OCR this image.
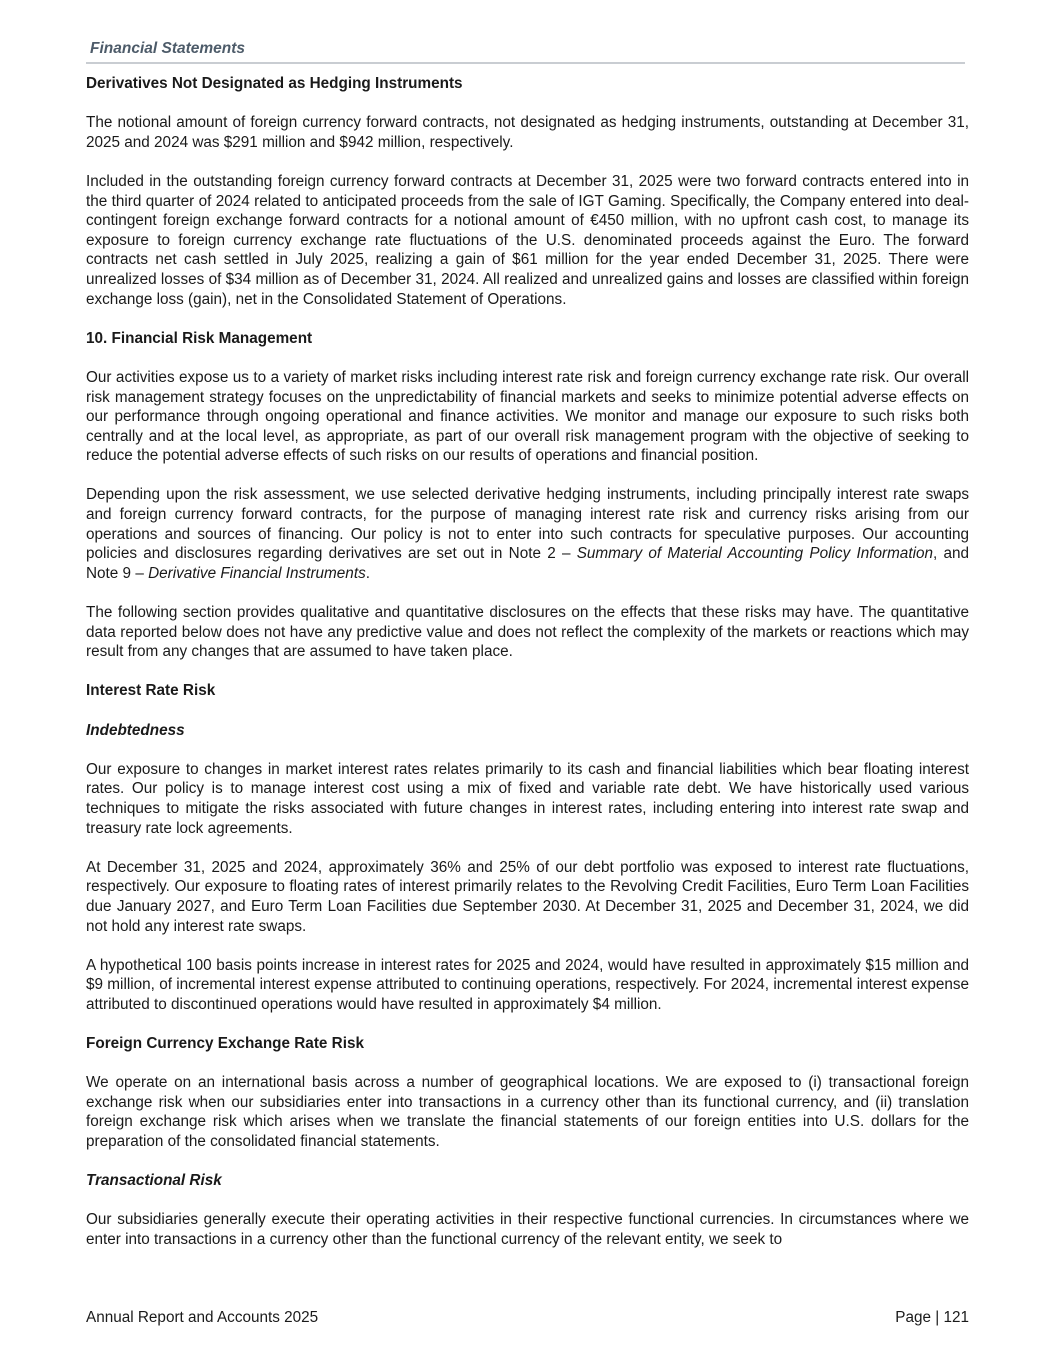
Financial Statements
Derivatives Not Designated as Hedging Instruments

The notional amount of foreign currency forward contracts, not designated as hedging instruments, outstanding at December 31, 2025 and 2024 was $291 million and $942 million, respectively.

Included in the outstanding foreign currency forward contracts at December 31, 2025 were two forward contracts entered into in the third quarter of 2024 related to anticipated proceeds from the sale of IGT Gaming. Specifically, the Company entered into deal-contingent foreign exchange forward contracts for a notional amount of €450 million, with no upfront cash cost, to manage its exposure to foreign currency exchange rate fluctuations of the U.S. denominated proceeds against the Euro. The forward contracts net cash settled in July 2025, realizing a gain of $61 million for the year ended December 31, 2025. There were unrealized losses of $34 million as of December 31, 2024. All realized and unrealized gains and losses are classified within foreign exchange loss (gain), net in the Consolidated Statement of Operations.

10. Financial Risk Management

Our activities expose us to a variety of market risks including interest rate risk and foreign currency exchange rate risk. Our overall risk management strategy focuses on the unpredictability of financial markets and seeks to minimize potential adverse effects on our performance through ongoing operational and finance activities. We monitor and manage our exposure to such risks both centrally and at the local level, as appropriate, as part of our overall risk management program with the objective of seeking to reduce the potential adverse effects of such risks on our results of operations and financial position.

Depending upon the risk assessment, we use selected derivative hedging instruments, including principally interest rate swaps and foreign currency forward contracts, for the purpose of managing interest rate risk and currency risks arising from our operations and sources of financing. Our policy is not to enter into such contracts for speculative purposes. Our accounting policies and disclosures regarding derivatives are set out in Note 2 – Summary of Material Accounting Policy Information, and Note 9 – Derivative Financial Instruments.

The following section provides qualitative and quantitative disclosures on the effects that these risks may have. The quantitative data reported below does not have any predictive value and does not reflect the complexity of the markets or reactions which may result from any changes that are assumed to have taken place.

Interest Rate Risk
Indebtedness

Our exposure to changes in market interest rates relates primarily to its cash and financial liabilities which bear floating interest rates. Our policy is to manage interest cost using a mix of fixed and variable rate debt. We have historically used various techniques to mitigate the risks associated with future changes in interest rates, including entering into interest rate swap and treasury rate lock agreements.

At December 31, 2025 and 2024, approximately 36% and 25% of our debt portfolio was exposed to interest rate fluctuations, respectively. Our exposure to floating rates of interest primarily relates to the Revolving Credit Facilities, Euro Term Loan Facilities due January 2027, and Euro Term Loan Facilities due September 2030. At December 31, 2025 and December 31, 2024, we did not hold any interest rate swaps.

A hypothetical 100 basis points increase in interest rates for 2025 and 2024, would have resulted in approximately $15 million and $9 million, of incremental interest expense attributed to continuing operations, respectively. For 2024, incremental interest expense attributed to discontinued operations would have resulted in approximately $4 million.

Foreign Currency Exchange Rate Risk

We operate on an international basis across a number of geographical locations. We are exposed to (i) transactional foreign exchange risk when our subsidiaries enter into transactions in a currency other than its functional currency, and (ii) translation foreign exchange risk which arises when we translate the financial statements of our foreign entities into U.S. dollars for the preparation of the consolidated financial statements.

Transactional Risk

Our subsidiaries generally execute their operating activities in their respective functional currencies. In circumstances where we enter into transactions in a currency other than the functional currency of the relevant entity, we seek to

Annual Report and Accounts 2025	Page | 121
